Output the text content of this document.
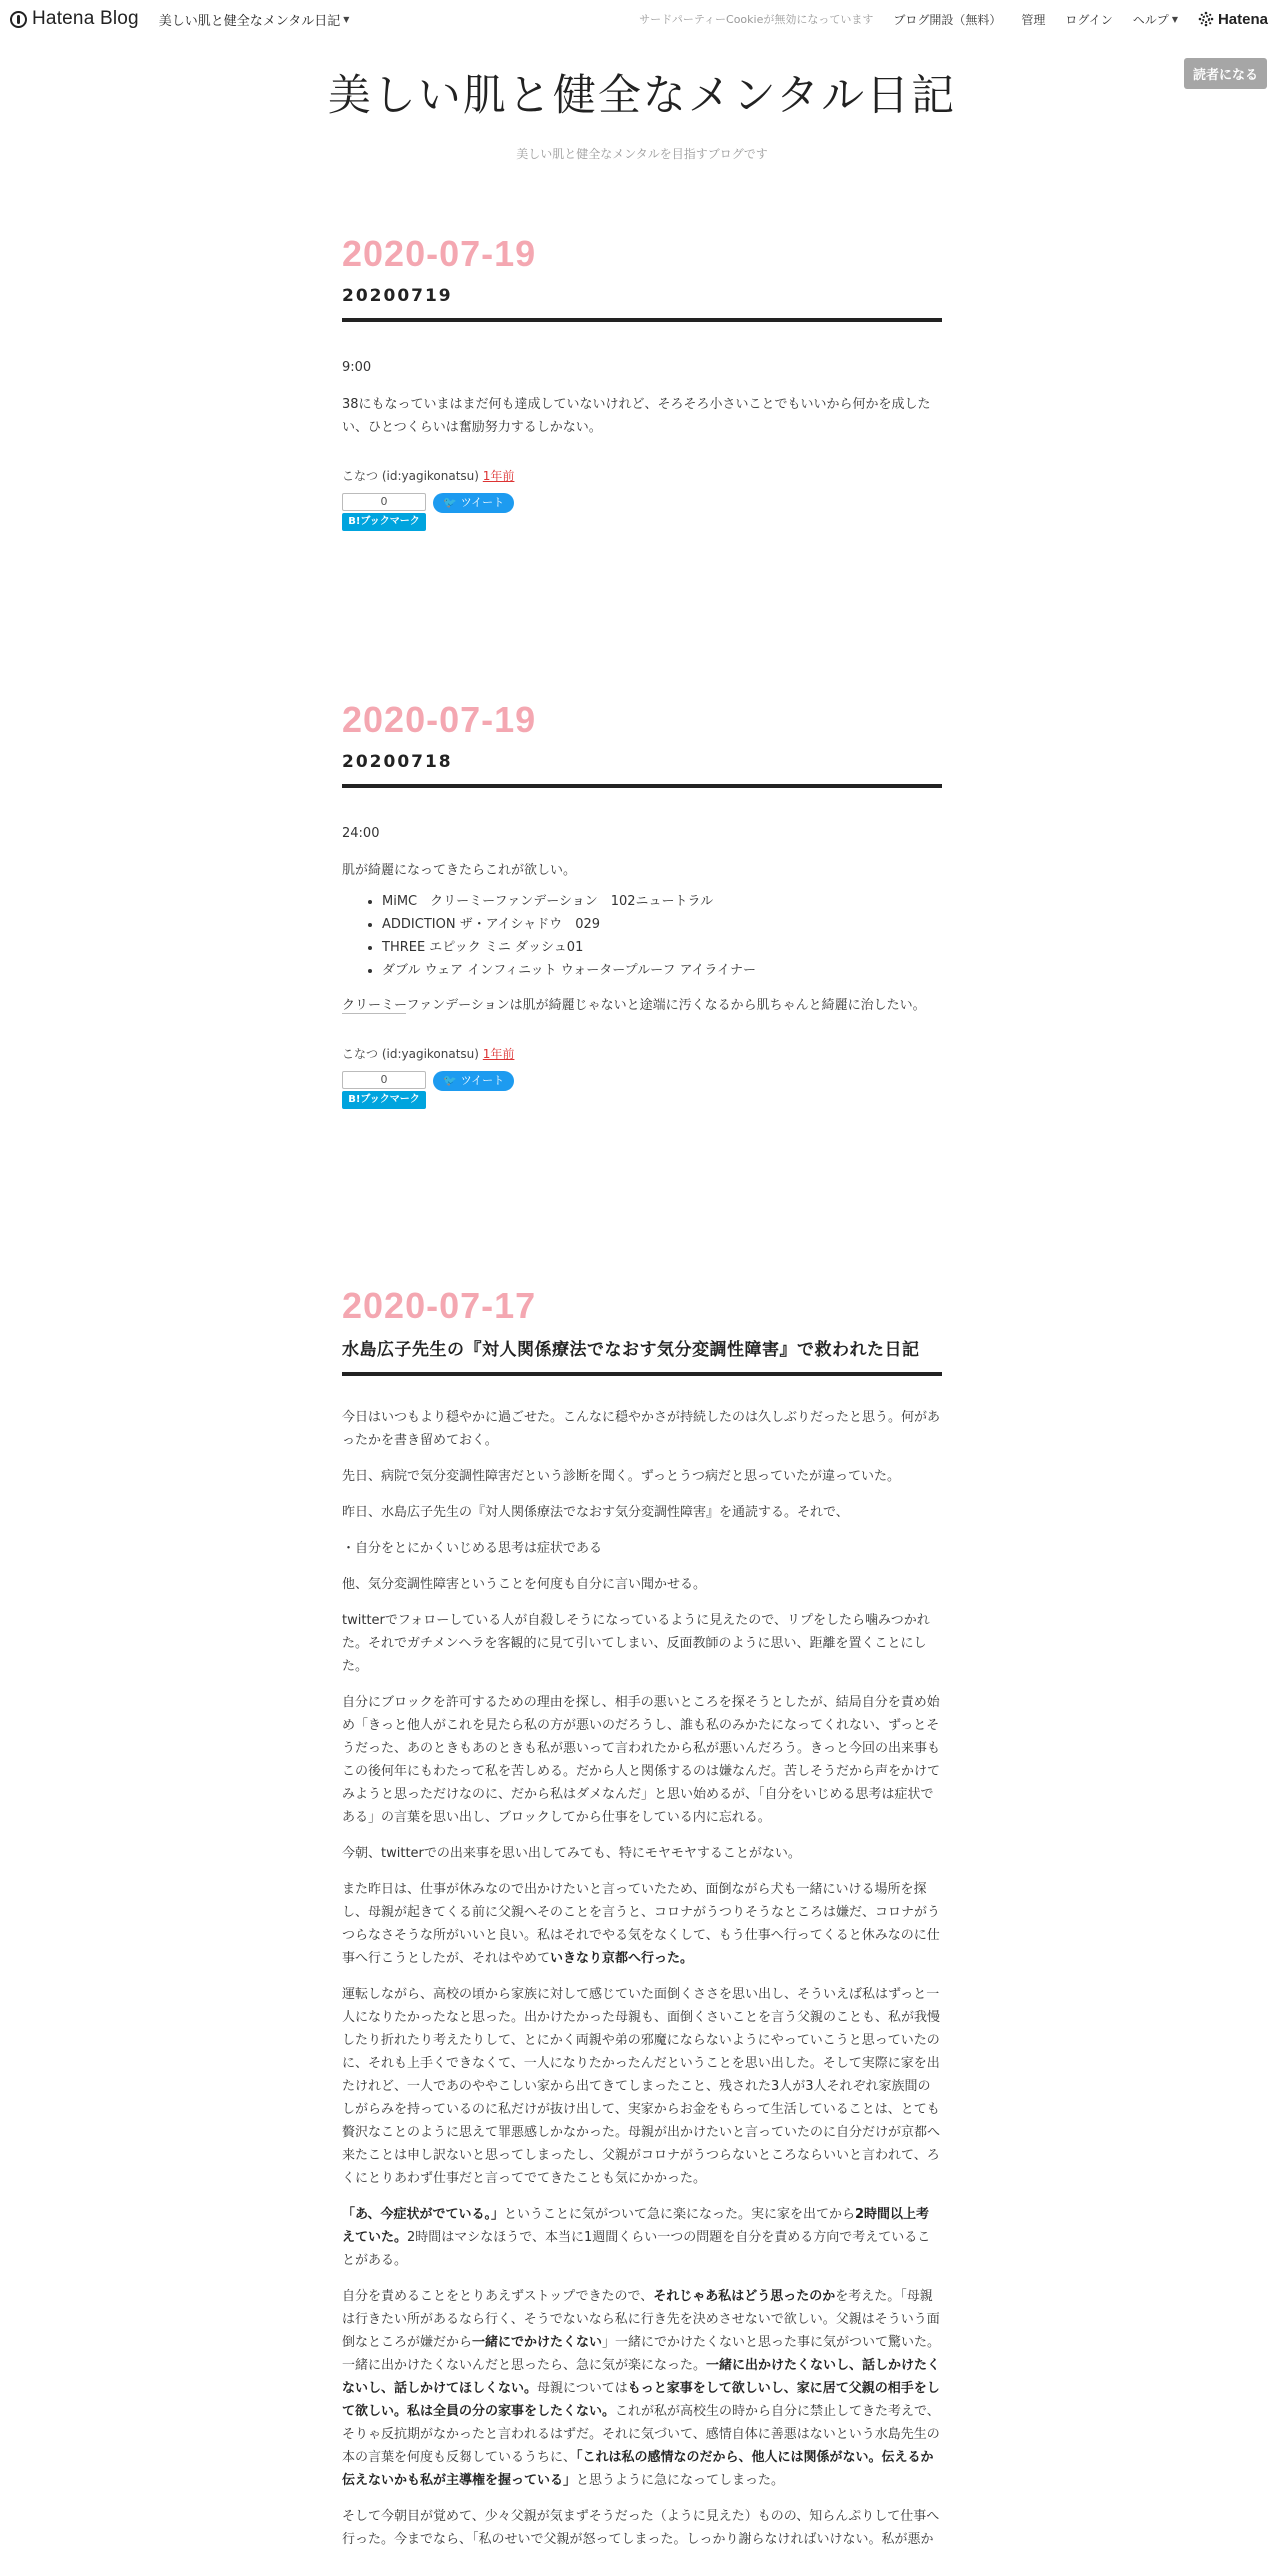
Hatena Blog 美しい肌と健全なメンタル日記 ▼	サードパーティーCookieが無効になっています ブログ開設（無料） 管理 ログイン ヘルプ ▼	Hatena
美しい肌と健全なメンタル日記
美しい肌と健全なメンタルを目指すブログです
読者になる
2020-07-19
20200719

9:00

38にもなっていまはまだ何も達成していないけれど、そろそろ小さいことでもいいから何かを成したい、ひとつくらいは奮励努力するしかない。

こなつ (id:yagikonatsu) 1年前
0
B!ブックマーク
🐦 ツイート
2020-07-19
20200718

24:00

肌が綺麗になってきたらこれが欲しい。

• MiMC　クリーミーファンデーション　102ニュートラル
• ADDICTION ザ・アイシャドウ　029
• THREE エピック ミニ ダッシュ01
• ダブル ウェア インフィニット ウォータープルーフ アイライナー

クリーミーファンデーションは肌が綺麗じゃないと途端に汚くなるから肌ちゃんと綺麗に治したい。

こなつ (id:yagikonatsu) 1年前
0
B!ブックマーク
🐦 ツイート
2020-07-17
水島広子先生の『対人関係療法でなおす気分変調性障害』で救われた日記

今日はいつもより穏やかに過ごせた。こんなに穏やかさが持続したのは久しぶりだったと思う。何があったかを書き留めておく。

先日、病院で気分変調性障害だという診断を聞く。ずっとうつ病だと思っていたが違っていた。

昨日、水島広子先生の『対人関係療法でなおす気分変調性障害』を通読する。それで、

・自分をとにかくいじめる思考は症状である

他、気分変調性障害ということを何度も自分に言い聞かせる。

twitterでフォローしている人が自殺しそうになっているように見えたので、リプをしたら噛みつかれた。それでガチメンヘラを客観的に見て引いてしまい、反面教師のように思い、距離を置くことにした。

自分にブロックを許可するための理由を探し、相手の悪いところを探そうとしたが、結局自分を責め始め「きっと他人がこれを見たら私の方が悪いのだろうし、誰も私のみかたになってくれない、ずっとそうだった、あのときもあのときも私が悪いって言われたから私が悪いんだろう。きっと今回の出来事もこの後何年にもわたって私を苦しめる。だから人と関係するのは嫌なんだ。苦しそうだから声をかけてみようと思っただけなのに、だから私はダメなんだ」と思い始めるが、「自分をいじめる思考は症状である」の言葉を思い出し、ブロックしてから仕事をしている内に忘れる。

今朝、twitterでの出来事を思い出してみても、特にモヤモヤすることがない。

また昨日は、仕事が休みなので出かけたいと言っていたため、面倒ながら犬も一緒にいける場所を探し、母親が起きてくる前に父親へそのことを言うと、コロナがうつりそうなところは嫌だ、コロナがうつらなさそうな所がいいと良い。私はそれでやる気をなくして、もう仕事へ行ってくると休みなのに仕事へ行こうとしたが、それはやめていきなり京都へ行った。

運転しながら、高校の頃から家族に対して感じていた面倒くささを思い出し、そういえば私はずっと一人になりたかったなと思った。出かけたかった母親も、面倒くさいことを言う父親のことも、私が我慢したり折れたり考えたりして、とにかく両親や弟の邪魔にならないようにやっていこうと思っていたのに、それも上手くできなくて、一人になりたかったんだということを思い出した。そして実際に家を出たけれど、一人であのややこしい家から出てきてしまったこと、残された3人が3人それぞれ家族間のしがらみを持っているのに私だけが抜け出して、実家からお金をもらって生活していることは、とても贅沢なことのように思えて罪悪感しかなかった。母親が出かけたいと言っていたのに自分だけが京都へ来たことは申し訳ないと思ってしまったし、父親がコロナがうつらないところならいいと言われて、ろくにとりあわず仕事だと言ってでてきたことも気にかかった。

「あ、今症状がでている。」ということに気がついて急に楽になった。実に家を出てから2時間以上考えていた。2時間はマシなほうで、本当に1週間くらい一つの問題を自分を責める方向で考えていることがある。

自分を責めることをとりあえずストップできたので、それじゃあ私はどう思ったのかを考えた。「母親は行きたい所があるなら行く、そうでないなら私に行き先を決めさせないで欲しい。父親はそういう面倒なところが嫌だから一緒にでかけたくない」一緒にでかけたくないと思った事に気がついて驚いた。一緒に出かけたくないんだと思ったら、急に気が楽になった。一緒に出かけたくないし、話しかけたくないし、話しかけてほしくない。母親についてはもっと家事をして欲しいし、家に居て父親の相手をして欲しい。私は全員の分の家事をしたくない。これが私が高校生の時から自分に禁止してきた考えで、そりゃ反抗期がなかったと言われるはずだ。それに気づいて、感情自体に善悪はないという水島先生の本の言葉を何度も反芻しているうちに、「これは私の感情なのだから、他人には関係がない。伝えるか伝えないかも私が主導権を握っている」と思うように急になってしまった。

そして今朝目が覚めて、少々父親が気まずそうだった（ように見えた）ものの、知らんぷりして仕事へ行った。今までなら、「私のせいで父親が怒ってしまった。しっかり謝らなければいけない。私が悪か
